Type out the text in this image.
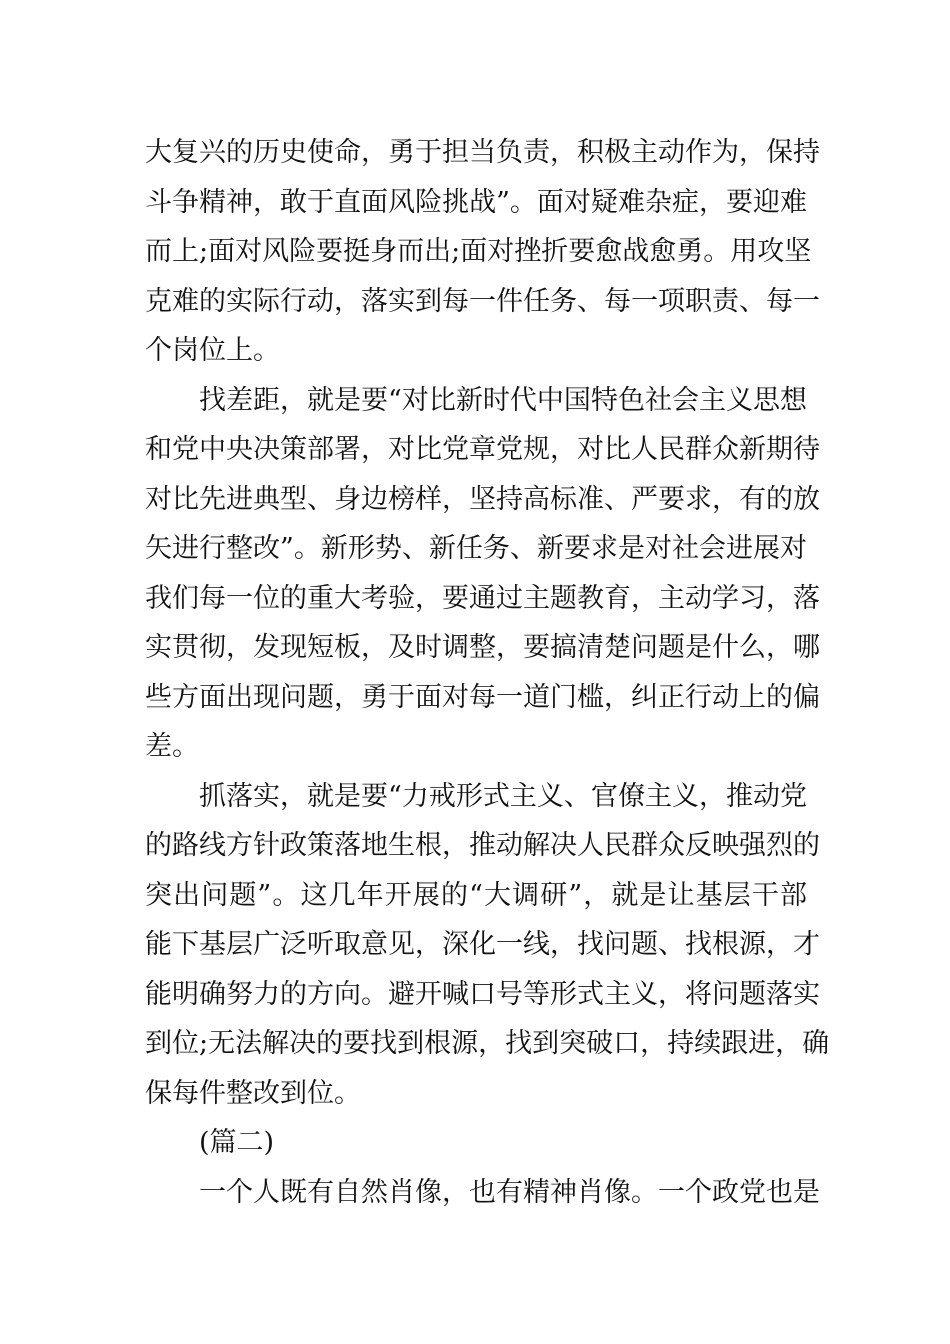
大复兴的历史使命，勇于担当负责，积极主动作为，保持
斗争精神，敢于直面风险挑战”。面对疑难杂症，要迎难
而上;面对风险要挺身而出;面对挫折要愈战愈勇。用攻坚
克难的实际行动，落实到每一件任务、每一项职责、每一
个岗位上。
找差距，就是要“对比新时代中国特色社会主义思想
和党中央决策部署，对比党章党规，对比人民群众新期待
对比先进典型、身边榜样，坚持高标准、严要求，有的放
矢进行整改”。新形势、新任务、新要求是对社会进展对
我们每一位的重大考验，要通过主题教育，主动学习，落
实贯彻，发现短板，及时调整，要搞清楚问题是什么，哪
些方面出现问题，勇于面对每一道门槛，纠正行动上的偏
差。
抓落实，就是要“力戒形式主义、官僚主义，推动党
的路线方针政策落地生根，推动解决人民群众反映强烈的
突出问题”。这几年开展的“大调研”，就是让基层干部
能下基层广泛听取意见，深化一线，找问题、找根源，才
能明确努力的方向。避开喊口号等形式主义，将问题落实
到位;无法解决的要找到根源，找到突破口，持续跟进，确
保每件整改到位。
(篇二)
一个人既有自然肖像，也有精神肖像。一个政党也是
